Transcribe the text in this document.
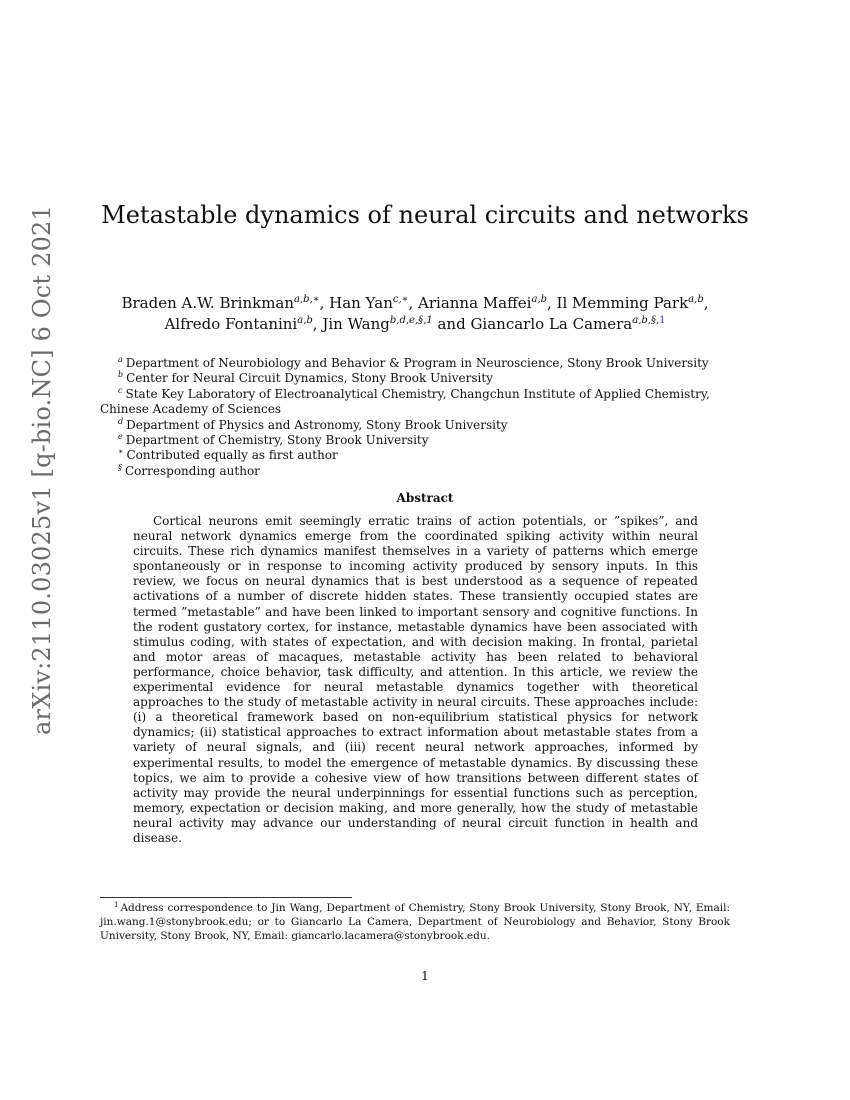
arXiv:2110.03025v1 [q-bio.NC] 6 Oct 2021	Metastable dynamics of neural circuits and networks
Braden A.W. Brinkman$^{a,b,∗}$, Han Yan$^{c,∗}$, Arianna Maffei$^{a,b}$, Il Memming Park$^{a,b}$,
Alfredo Fontanini$^{a,b}$, Jin Wang$^{b,d,e,\S,1}$ and Giancarlo La Camera$^{a,b,\S,1}$

$^a$ Department of Neurobiology and Behavior & Program in Neuroscience, Stony Brook University

$^b$ Center for Neural Circuit Dynamics, Stony Brook University

$^c$ State Key Laboratory of Electroanalytical Chemistry, Changchun Institute of Applied Chemistry, Chinese Academy of Sciences

$^d$ Department of Physics and Astronomy, Stony Brook University

$^e$ Department of Chemistry, Stony Brook University

∗ Contributed equally as first author

§ Corresponding author

Abstract

Cortical neurons emit seemingly erratic trains of action potentials, or ”spikes”, and neural network dynamics emerge from the coordinated spiking activity within neural circuits. These rich dynamics manifest themselves in a variety of patterns which emerge spontaneously or in response to incoming activity produced by sensory inputs. In this review, we focus on neural dynamics that is best understood as a sequence of repeated activations of a number of discrete hidden states. These transiently occupied states are termed ”metastable” and have been linked to important sensory and cognitive functions. In the rodent gustatory cortex, for instance, metastable dynamics have been associated with stimulus coding, with states of expectation, and with decision making. In frontal, parietal and motor areas of macaques, metastable activity has been related to behavioral performance, choice behavior, task difficulty, and attention. In this article, we review the experimental evidence for neural metastable dynamics together with theoretical approaches to the study of metastable activity in neural circuits. These approaches include: (i) a theoretical framework based on non-equilibrium statistical physics for network dynamics; (ii) statistical approaches to extract information about metastable states from a variety of neural signals, and (iii) recent neural network approaches, informed by experimental results, to model the emergence of metastable dynamics. By discussing these topics, we aim to provide a cohesive view of how transitions between different states of activity may provide the neural underpinnings for essential functions such as perception, memory, expectation or decision making, and more generally, how the study of metastable neural activity may advance our understanding of neural circuit function in health and disease.

$^1$ Address correspondence to Jin Wang, Department of Chemistry, Stony Brook University, Stony Brook, NY, Email: jin.wang.1@stonybrook.edu; or to Giancarlo La Camera, Department of Neurobiology and Behavior, Stony Brook University, Stony Brook, NY, Email: giancarlo.lacamera@stonybrook.edu.

1
